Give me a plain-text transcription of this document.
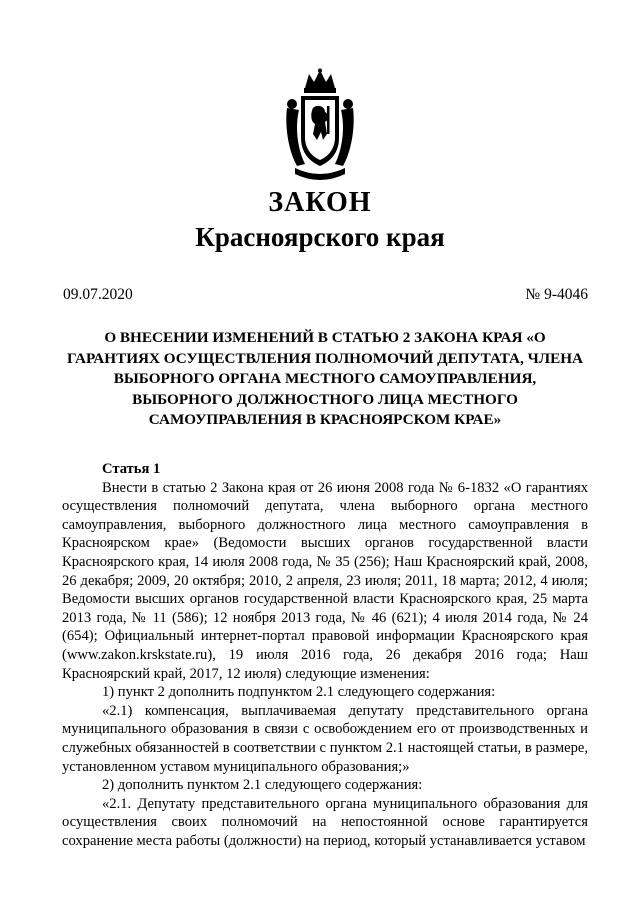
ЗАКОН
Красноярского края
09.07.2020	№ 9-4046
О ВНЕСЕНИИ ИЗМЕНЕНИЙ В СТАТЬЮ 2 ЗАКОНА КРАЯ «О ГАРАНТИЯХ ОСУЩЕСТВЛЕНИЯ ПОЛНОМОЧИЙ ДЕПУТАТА, ЧЛЕНА ВЫБОРНОГО ОРГАНА МЕСТНОГО САМОУПРАВЛЕНИЯ, ВЫБОРНОГО ДОЛЖНОСТНОГО ЛИЦА МЕСТНОГО САМОУПРАВЛЕНИЯ В КРАСНОЯРСКОМ КРАЕ»

Статья 1

Внести в статью 2 Закона края от 26 июня 2008 года № 6-1832 «О гарантиях осуществления полномочий депутата, члена выборного органа местного самоуправления, выборного должностного лица местного самоуправления в Красноярском крае» (Ведомости высших органов государственной власти Красноярского края, 14 июля 2008 года, № 35 (256); Наш Красноярский край, 2008, 26 декабря; 2009, 20 октября; 2010, 2 апреля, 23 июля; 2011, 18 марта; 2012, 4 июля; Ведомости высших органов государственной власти Красноярского края, 25 марта 2013 года, № 11 (586); 12 ноября 2013 года, № 46 (621); 4 июля 2014 года, № 24 (654); Официальный интернет-портал правовой информации Красноярского края (www.zakon.krskstate.ru), 19 июля 2016 года, 26 декабря 2016 года; Наш Красноярский край, 2017, 12 июля) следующие изменения:

1) пункт 2 дополнить подпунктом 2.1 следующего содержания:

«2.1) компенсация, выплачиваемая депутату представительного органа муниципального образования в связи с освобождением его от производственных и служебных обязанностей в соответствии с пунктом 2.1 настоящей статьи, в размере, установленном уставом муниципального образования;»

2) дополнить пунктом 2.1 следующего содержания:

«2.1. Депутату представительного органа муниципального образования для осуществления своих полномочий на непостоянной основе гарантируется сохранение места работы (должности) на период, который устанавливается уставом
